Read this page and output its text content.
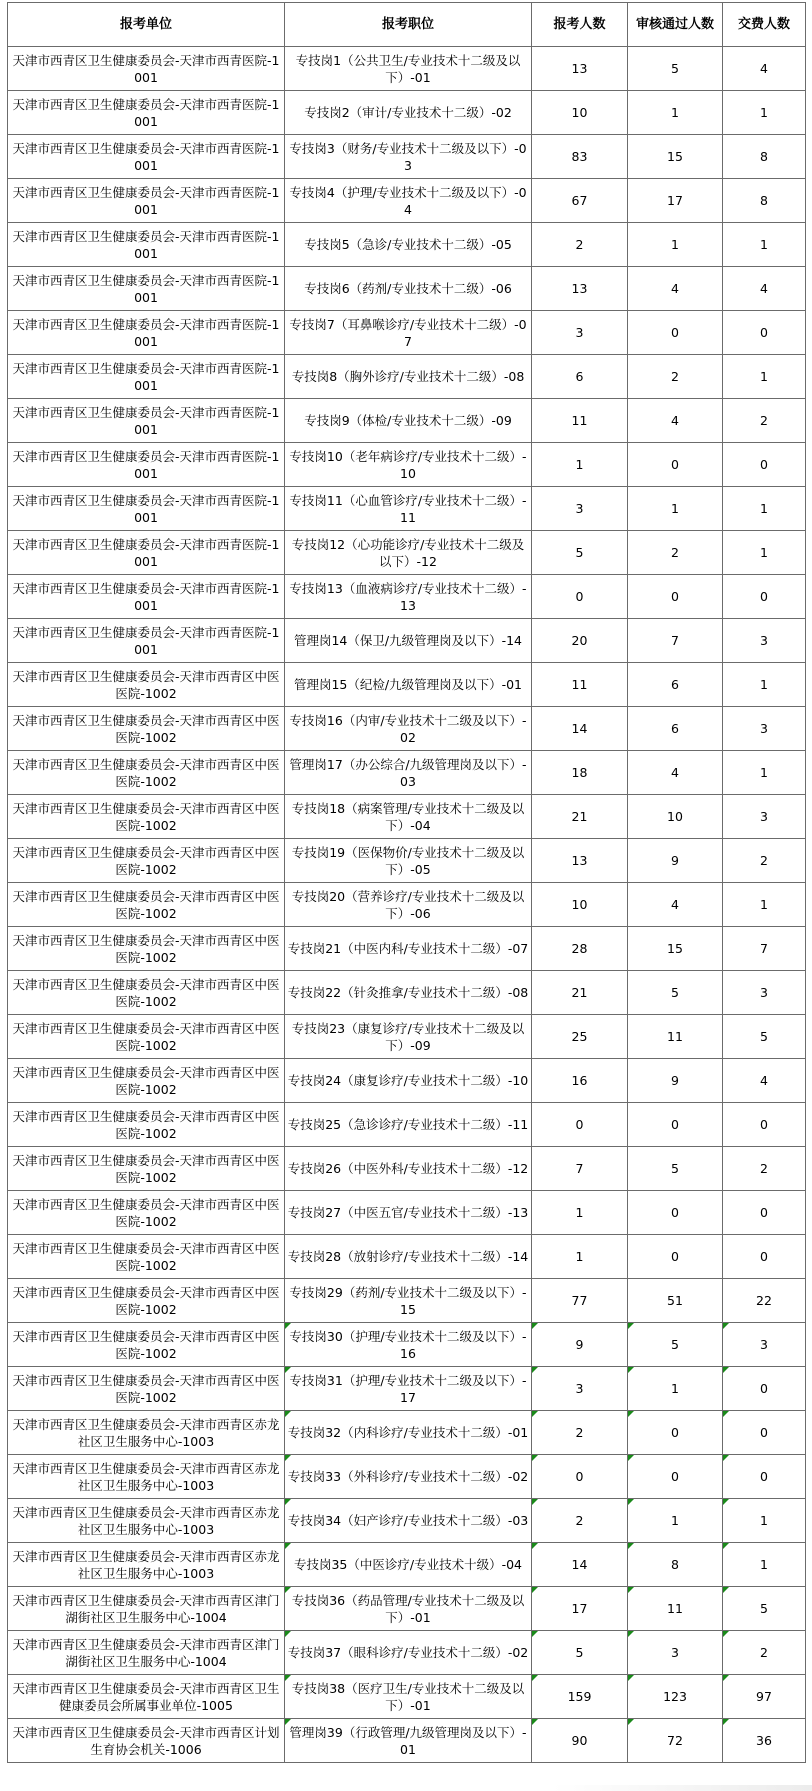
报考单位	报考职位	报考人数	审核通过人数	交费人数
天津市西青区卫生健康委员会-天津市西青医院-1001	专技岗1（公共卫生/专业技术十二级及以下）-01	13	5	4
天津市西青区卫生健康委员会-天津市西青医院-1001	专技岗2（审计/专业技术十二级）-02	10	1	1
天津市西青区卫生健康委员会-天津市西青医院-1001	专技岗3（财务/专业技术十二级及以下）-03	83	15	8
天津市西青区卫生健康委员会-天津市西青医院-1001	专技岗4（护理/专业技术十二级及以下）-04	67	17	8
天津市西青区卫生健康委员会-天津市西青医院-1001	专技岗5（急诊/专业技术十二级）-05	2	1	1
天津市西青区卫生健康委员会-天津市西青医院-1001	专技岗6（药剂/专业技术十二级）-06	13	4	4
天津市西青区卫生健康委员会-天津市西青医院-1001	专技岗7（耳鼻喉诊疗/专业技术十二级）-07	3	0	0
天津市西青区卫生健康委员会-天津市西青医院-1001	专技岗8（胸外诊疗/专业技术十二级）-08	6	2	1
天津市西青区卫生健康委员会-天津市西青医院-1001	专技岗9（体检/专业技术十二级）-09	11	4	2
天津市西青区卫生健康委员会-天津市西青医院-1001	专技岗10（老年病诊疗/专业技术十二级）-10	1	0	0
天津市西青区卫生健康委员会-天津市西青医院-1001	专技岗11（心血管诊疗/专业技术十二级）-11	3	1	1
天津市西青区卫生健康委员会-天津市西青医院-1001	专技岗12（心功能诊疗/专业技术十二级及以下）-12	5	2	1
天津市西青区卫生健康委员会-天津市西青医院-1001	专技岗13（血液病诊疗/专业技术十二级）-13	0	0	0
天津市西青区卫生健康委员会-天津市西青医院-1001	管理岗14（保卫/九级管理岗及以下）-14	20	7	3
天津市西青区卫生健康委员会-天津市西青区中医医院-1002	管理岗15（纪检/九级管理岗及以下）-01	11	6	1
天津市西青区卫生健康委员会-天津市西青区中医医院-1002	专技岗16（内审/专业技术十二级及以下）-02	14	6	3
天津市西青区卫生健康委员会-天津市西青区中医医院-1002	管理岗17（办公综合/九级管理岗及以下）-03	18	4	1
天津市西青区卫生健康委员会-天津市西青区中医医院-1002	专技岗18（病案管理/专业技术十二级及以下）-04	21	10	3
天津市西青区卫生健康委员会-天津市西青区中医医院-1002	专技岗19（医保物价/专业技术十二级及以下）-05	13	9	2
天津市西青区卫生健康委员会-天津市西青区中医医院-1002	专技岗20（营养诊疗/专业技术十二级及以下）-06	10	4	1
天津市西青区卫生健康委员会-天津市西青区中医医院-1002	专技岗21（中医内科/专业技术十二级）-07	28	15	7
天津市西青区卫生健康委员会-天津市西青区中医医院-1002	专技岗22（针灸推拿/专业技术十二级）-08	21	5	3
天津市西青区卫生健康委员会-天津市西青区中医医院-1002	专技岗23（康复诊疗/专业技术十二级及以下）-09	25	11	5
天津市西青区卫生健康委员会-天津市西青区中医医院-1002	专技岗24（康复诊疗/专业技术十二级）-10	16	9	4
天津市西青区卫生健康委员会-天津市西青区中医医院-1002	专技岗25（急诊诊疗/专业技术十二级）-11	0	0	0
天津市西青区卫生健康委员会-天津市西青区中医医院-1002	专技岗26（中医外科/专业技术十二级）-12	7	5	2
天津市西青区卫生健康委员会-天津市西青区中医医院-1002	专技岗27（中医五官/专业技术十二级）-13	1	0	0
天津市西青区卫生健康委员会-天津市西青区中医医院-1002	专技岗28（放射诊疗/专业技术十二级）-14	1	0	0
天津市西青区卫生健康委员会-天津市西青区中医医院-1002	专技岗29（药剂/专业技术十二级及以下）-15	77	51	22
天津市西青区卫生健康委员会-天津市西青区中医医院-1002	专技岗30（护理/专业技术十二级及以下）-16	9	5	3
天津市西青区卫生健康委员会-天津市西青区中医医院-1002	专技岗31（护理/专业技术十二级及以下）-17	3	1	0
天津市西青区卫生健康委员会-天津市西青区赤龙社区卫生服务中心-1003	专技岗32（内科诊疗/专业技术十二级）-01	2	0	0
天津市西青区卫生健康委员会-天津市西青区赤龙社区卫生服务中心-1003	专技岗33（外科诊疗/专业技术十二级）-02	0	0	0
天津市西青区卫生健康委员会-天津市西青区赤龙社区卫生服务中心-1003	专技岗34（妇产诊疗/专业技术十二级）-03	2	1	1
天津市西青区卫生健康委员会-天津市西青区赤龙社区卫生服务中心-1003	专技岗35（中医诊疗/专业技术十级）-04	14	8	1
天津市西青区卫生健康委员会-天津市西青区津门湖街社区卫生服务中心-1004	专技岗36（药品管理/专业技术十二级及以下）-01	17	11	5
天津市西青区卫生健康委员会-天津市西青区津门湖街社区卫生服务中心-1004	专技岗37（眼科诊疗/专业技术十二级）-02	5	3	2
天津市西青区卫生健康委员会-天津市西青区卫生健康委员会所属事业单位-1005	专技岗38（医疗卫生/专业技术十二级及以下）-01	159	123	97
天津市西青区卫生健康委员会-天津市西青区计划生育协会机关-1006	管理岗39（行政管理/九级管理岗及以下）-01	90	72	36
